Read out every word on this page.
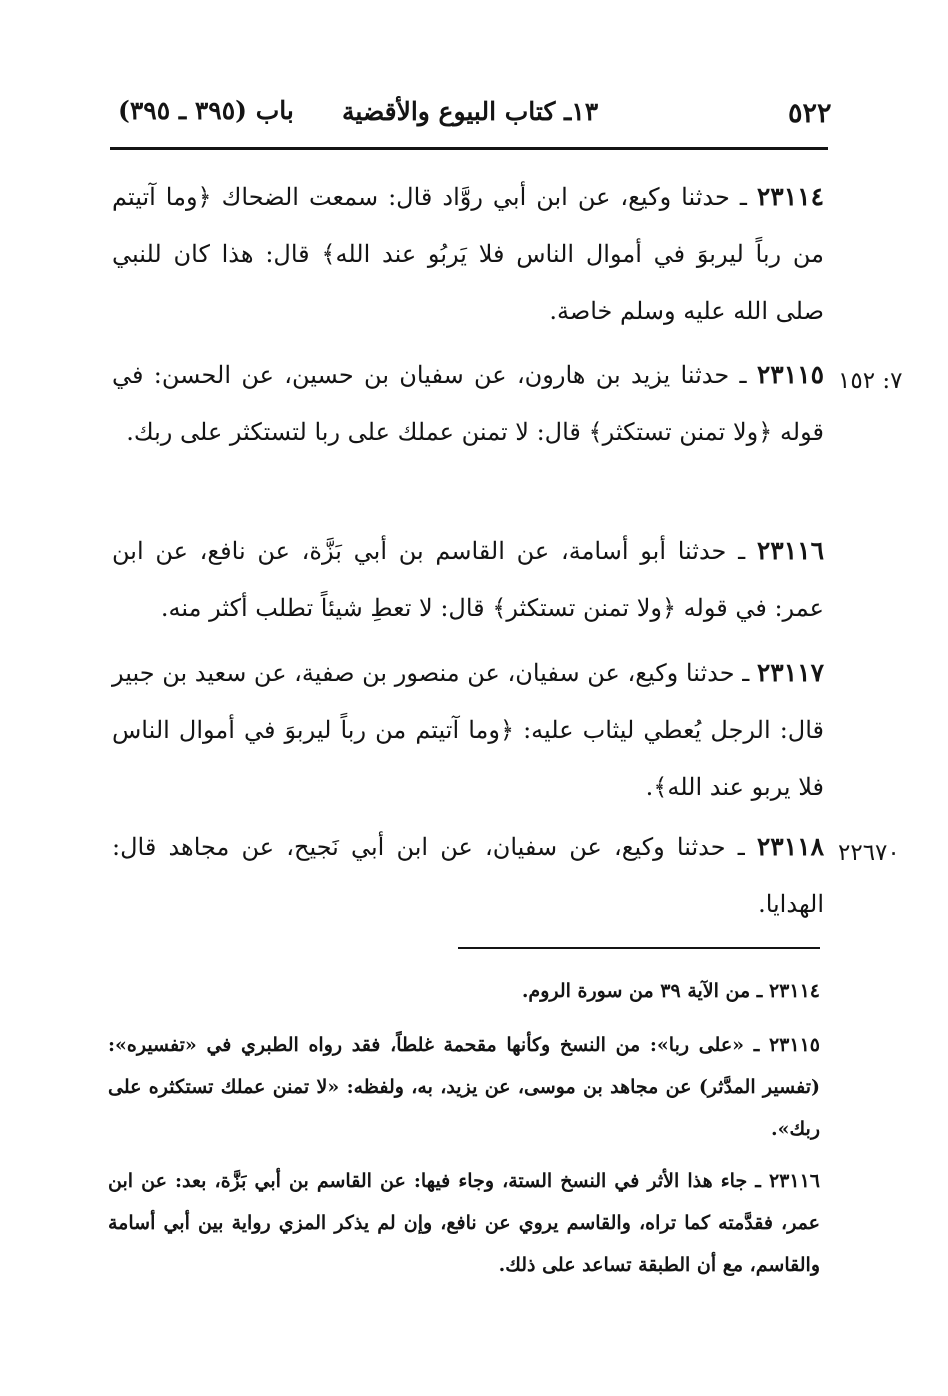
٥٢٢
١٣ـ كتاب البيوع والأقضية
باب (٣٩٥ ـ ٣٩٥)
٢٣١١٤ ـ حدثنا وكيع، عن ابن أبي روَّاد قال: سمعت الضحاك ﴿وما آتيتم من رباً ليربوَ في أموال الناس فلا يَربُو عند الله﴾ قال: هذا كان للنبي صلى الله عليه وسلم خاصة.
٧: ١٥٢
٢٣١١٥ ـ حدثنا يزيد بن هارون، عن سفيان بن حسين، عن الحسن: في قوله ﴿ولا تمنن تستكثر﴾ قال: لا تمنن عملك على ربا لتستكثر على ربك.
٢٣١١٦ ـ حدثنا أبو أسامة، عن القاسم بن أبي بَزَّة، عن نافع، عن ابن عمر: في قوله ﴿ولا تمنن تستكثر﴾ قال: لا تعطِ شيئاً تطلب أكثر منه.
٢٣١١٧ ـ حدثنا وكيع، عن سفيان، عن منصور بن صفية، عن سعيد بن جبير قال: الرجل يُعطي ليثاب عليه: ﴿وما آتيتم من رباً ليربوَ في أموال الناس فلا يربو عند الله﴾.
٢٢٦٧٠
٢٣١١٨ ـ حدثنا وكيع، عن سفيان، عن ابن أبي نَجيح، عن مجاهد قال: الهدايا.
٢٣١١٤ ـ من الآية ٣٩ من سورة الروم.
٢٣١١٥ ـ «على ربا»: من النسخ وكأنها مقحمة غلطاً، فقد رواه الطبري في «تفسيره»: (تفسير المدَّثر) عن مجاهد بن موسى، عن يزيد، به، ولفظه: «لا تمنن عملك تستكثره على ربك».
٢٣١١٦ ـ جاء هذا الأثر في النسخ الستة، وجاء فيها: عن القاسم بن أبي بَزَّة، بعد: عن ابن عمر، فقدَّمته كما تراه، والقاسم يروي عن نافع، وإن لم يذكر المزي رواية بين أبي أسامة والقاسم، مع أن الطبقة تساعد على ذلك.
